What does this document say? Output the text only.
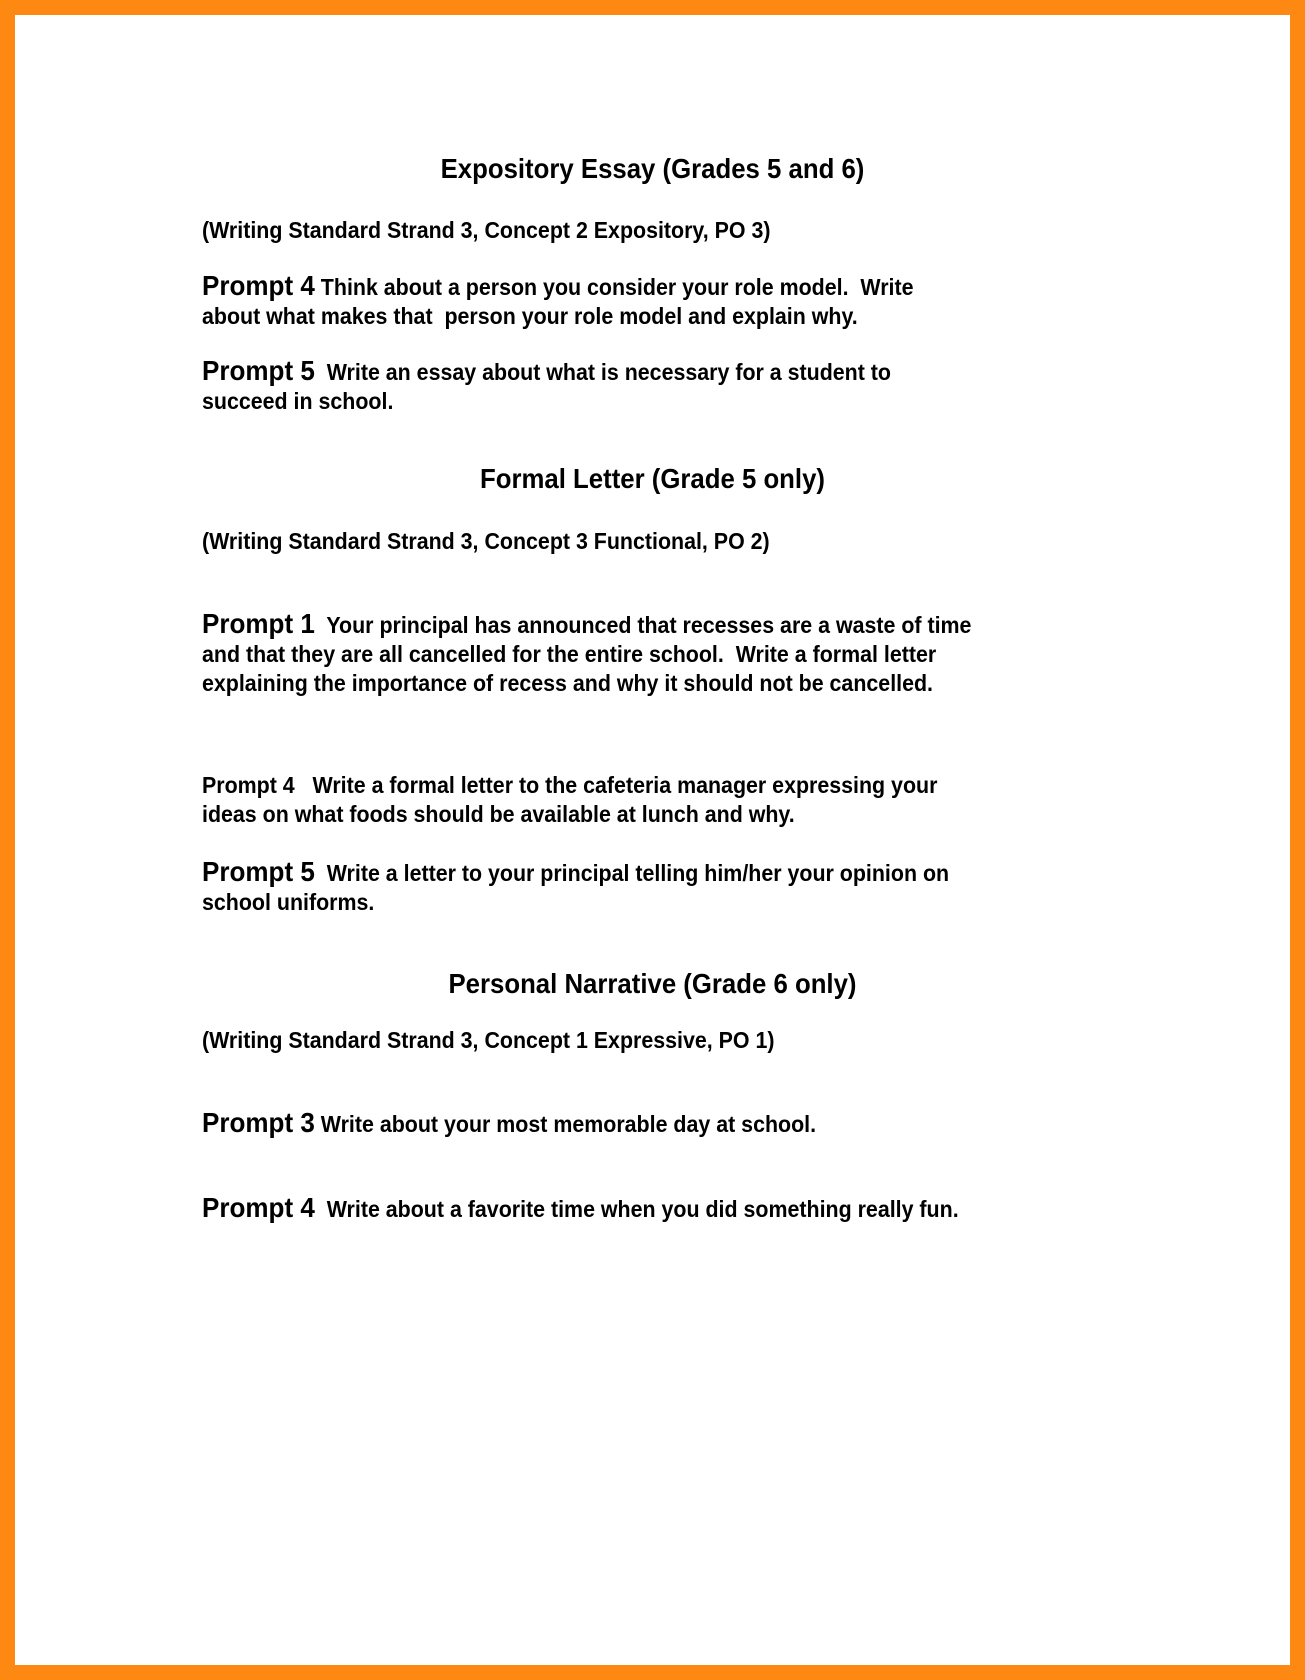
Expository Essay (Grades 5 and 6)
(Writing Standard Strand 3, Concept 2 Expository, PO 3)
Prompt 4 Think about a person you consider your role model.  Write
about what makes that  person your role model and explain why.
Prompt 5  Write an essay about what is necessary for a student to
succeed in school.
Formal Letter (Grade 5 only)
(Writing Standard Strand 3, Concept 3 Functional, PO 2)
Prompt 1  Your principal has announced that recesses are a waste of time
and that they are all cancelled for the entire school.  Write a formal letter
explaining the importance of recess and why it should not be cancelled.
Prompt 4   Write a formal letter to the cafeteria manager expressing your
ideas on what foods should be available at lunch and why.
Prompt 5  Write a letter to your principal telling him/her your opinion on
school uniforms.
Personal Narrative (Grade 6 only)
(Writing Standard Strand 3, Concept 1 Expressive, PO 1)
Prompt 3 Write about your most memorable day at school.
Prompt 4  Write about a favorite time when you did something really fun.
